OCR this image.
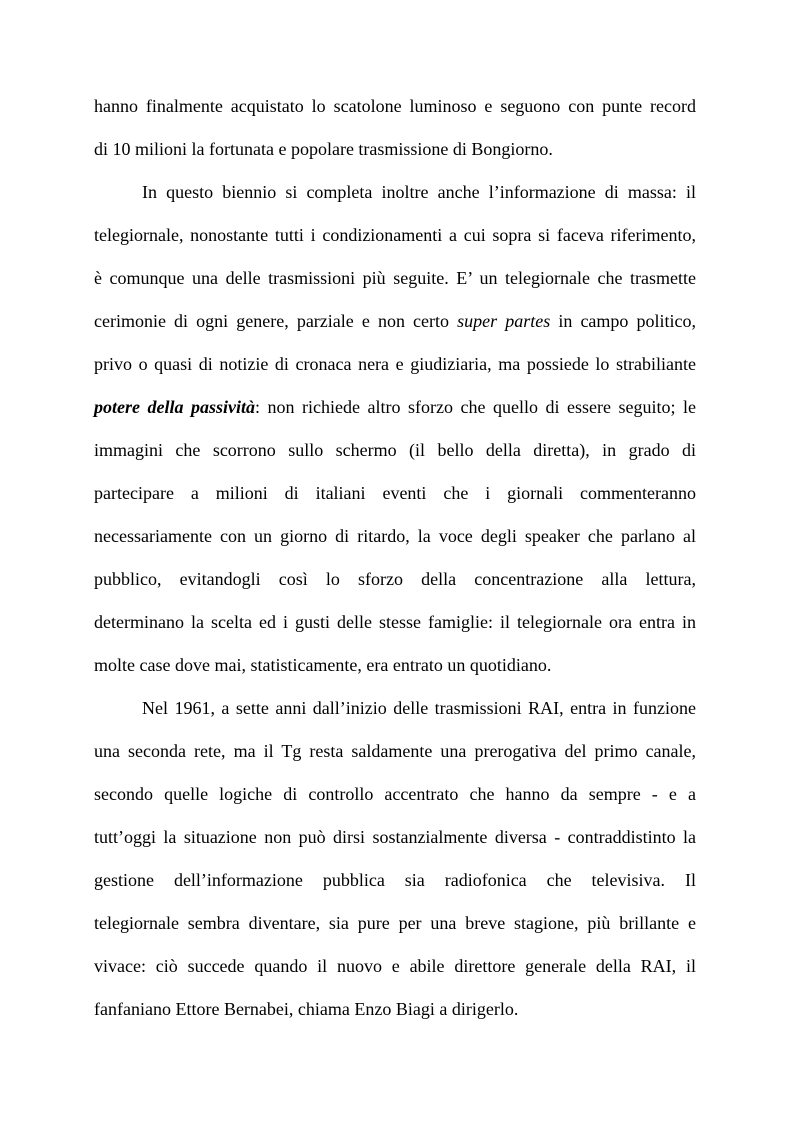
hanno finalmente acquistato lo scatolone luminoso e seguono con punte record
di 10 milioni la fortunata e popolare trasmissione di Bongiorno.
In questo biennio si completa inoltre anche l’informazione di massa: il
telegiornale, nonostante tutti i condizionamenti a cui sopra si faceva riferimento,
è comunque una delle trasmissioni più seguite. E’ un telegiornale che trasmette
cerimonie di ogni genere, parziale e non certo super partes in campo politico,
privo o quasi di notizie di cronaca nera e giudiziaria, ma possiede lo strabiliante
potere della passività: non richiede altro sforzo che quello di essere seguito; le
immagini che scorrono sullo schermo (il bello della diretta), in grado di
partecipare a milioni di italiani eventi che i giornali commenteranno
necessariamente con un giorno di ritardo, la voce degli speaker che parlano al
pubblico, evitandogli così lo sforzo della concentrazione alla lettura,
determinano la scelta ed i gusti delle stesse famiglie: il telegiornale ora entra in
molte case dove mai, statisticamente, era entrato un quotidiano.
Nel 1961, a sette anni dall’inizio delle trasmissioni RAI, entra in funzione
una seconda rete, ma il Tg resta saldamente una prerogativa del primo canale,
secondo quelle logiche di controllo accentrato che hanno da sempre - e a
tutt’oggi la situazione non può dirsi sostanzialmente diversa - contraddistinto la
gestione dell’informazione pubblica sia radiofonica che televisiva. Il
telegiornale sembra diventare, sia pure per una breve stagione, più brillante e
vivace: ciò succede quando il nuovo e abile direttore generale della RAI, il
fanfaniano Ettore Bernabei, chiama Enzo Biagi a dirigerlo.
